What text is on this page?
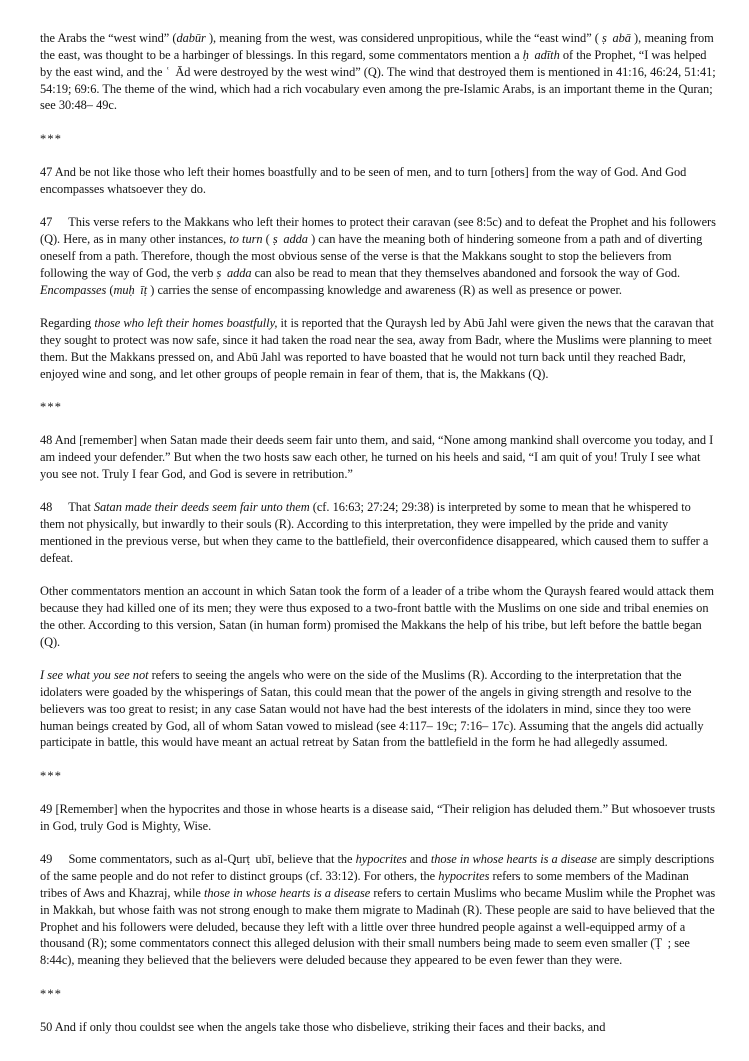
the Arabs the “west wind” (dabūr ), meaning from the west, was considered unpropitious, while the “east wind” ( ṣ abā ), meaning from the east, was thought to be a harbinger of blessings. In this regard, some commentators mention a ḥ adīth of the Prophet, “I was helped by the east wind, and the ʿ Ād were destroyed by the west wind” (Q). The wind that destroyed them is mentioned in 41:16, 46:24, 51:41; 54:19; 69:6. The theme of the wind, which had a rich vocabulary even among the pre-Islamic Arabs, is an important theme in the Quran; see 30:48– 49c.

***

47 And be not like those who left their homes boastfully and to be seen of men, and to turn [others] from the way of God. And God encompasses whatsoever they do.

47 This verse refers to the Makkans who left their homes to protect their caravan (see 8:5c) and to defeat the Prophet and his followers (Q). Here, as in many other instances, to turn ( ṣ adda ) can have the meaning both of hindering someone from a path and of diverting oneself from a path. Therefore, though the most obvious sense of the verse is that the Makkans sought to stop the believers from following the way of God, the verb ṣ adda can also be read to mean that they themselves abandoned and forsook the way of God. Encompasses (muḥ īṭ ) carries the sense of encompassing knowledge and awareness (R) as well as presence or power.

Regarding those who left their homes boastfully, it is reported that the Quraysh led by Abū Jahl were given the news that the caravan that they sought to protect was now safe, since it had taken the road near the sea, away from Badr, where the Muslims were planning to meet them. But the Makkans pressed on, and Abū Jahl was reported to have boasted that he would not turn back until they reached Badr, enjoyed wine and song, and let other groups of people remain in fear of them, that is, the Makkans (Q).

***

48 And [remember] when Satan made their deeds seem fair unto them, and said, “None among mankind shall overcome you today, and I am indeed your defender.” But when the two hosts saw each other, he turned on his heels and said, “I am quit of you! Truly I see what you see not. Truly I fear God, and God is severe in retribution.”

48 That Satan made their deeds seem fair unto them (cf. 16:63; 27:24; 29:38) is interpreted by some to mean that he whispered to them not physically, but inwardly to their souls (R). According to this interpretation, they were impelled by the pride and vanity mentioned in the previous verse, but when they came to the battlefield, their overconfidence disappeared, which caused them to suffer a defeat.

Other commentators mention an account in which Satan took the form of a leader of a tribe whom the Quraysh feared would attack them because they had killed one of its men; they were thus exposed to a two-front battle with the Muslims on one side and tribal enemies on the other. According to this version, Satan (in human form) promised the Makkans the help of his tribe, but left before the battle began (Q).

I see what you see not refers to seeing the angels who were on the side of the Muslims (R). According to the interpretation that the idolaters were goaded by the whisperings of Satan, this could mean that the power of the angels in giving strength and resolve to the believers was too great to resist; in any case Satan would not have had the best interests of the idolaters in mind, since they too were human beings created by God, all of whom Satan vowed to mislead (see 4:117– 19c; 7:16– 17c). Assuming that the angels did actually participate in battle, this would have meant an actual retreat by Satan from the battlefield in the form he had allegedly assumed.

***

49 [Remember] when the hypocrites and those in whose hearts is a disease said, “Their religion has deluded them.” But whosoever trusts in God, truly God is Mighty, Wise.

49 Some commentators, such as al-Qurṭ ubī, believe that the hypocrites and those in whose hearts is a disease are simply descriptions of the same people and do not refer to distinct groups (cf. 33:12). For others, the hypocrites refers to some members of the Madinan tribes of Aws and Khazraj, while those in whose hearts is a disease refers to certain Muslims who became Muslim while the Prophet was in Makkah, but whose faith was not strong enough to make them migrate to Madinah (R). These people are said to have believed that the Prophet and his followers were deluded, because they left with a little over three hundred people against a well-equipped army of a thousand (R); some commentators connect this alleged delusion with their small numbers being made to seem even smaller (Ṭ ; see 8:44c), meaning they believed that the believers were deluded because they appeared to be even fewer than they were.

***

50 And if only thou couldst see when the angels take those who disbelieve, striking their faces and their backs, and
